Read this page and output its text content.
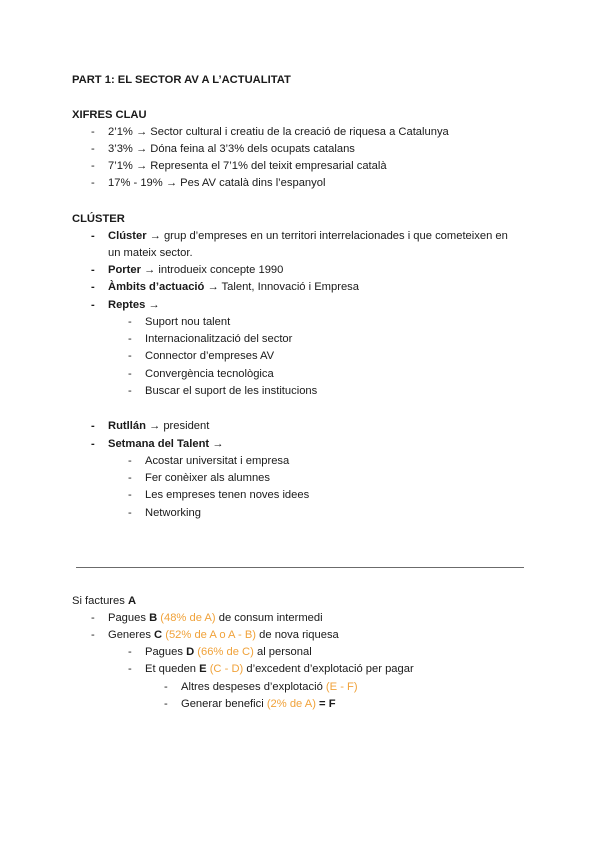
PART 1: EL SECTOR AV A L’ACTUALITAT
XIFRES CLAU
-	2’1% → Sector cultural i creatiu de la creació de riquesa a Catalunya
-	3’3% → Dóna feina al 3’3% dels ocupats catalans
-	7’1% → Representa el 7’1% del teixit empresarial català
-	17% - 19% → Pes AV català dins l’espanyol
CLÚSTER
-	Clúster → grup d’empreses en un territori interrelacionades i que cometeixen en
un mateix sector.
-	Porter → introdueix concepte 1990
-	Àmbits d’actuació → Talent, Innovació i Empresa
-	Reptes →
-	Suport nou talent
-	Internacionalització del sector
-	Connector d’empreses AV
-	Convergència tecnològica
-	Buscar el suport de les institucions
-	Rutllán → president
-	Setmana del Talent →
-	Acostar universitat i empresa
-	Fer conèixer als alumnes
-	Les empreses tenen noves idees
-	Networking
Si factures A
-	Pagues B (48% de A) de consum intermedi
-	Generes C (52% de A o A - B) de nova riquesa
-	Pagues D (66% de C) al personal
-	Et queden E (C - D) d’excedent d’explotació per pagar
-	Altres despeses d’explotació (E - F)
-	Generar benefici (2% de A) = F
